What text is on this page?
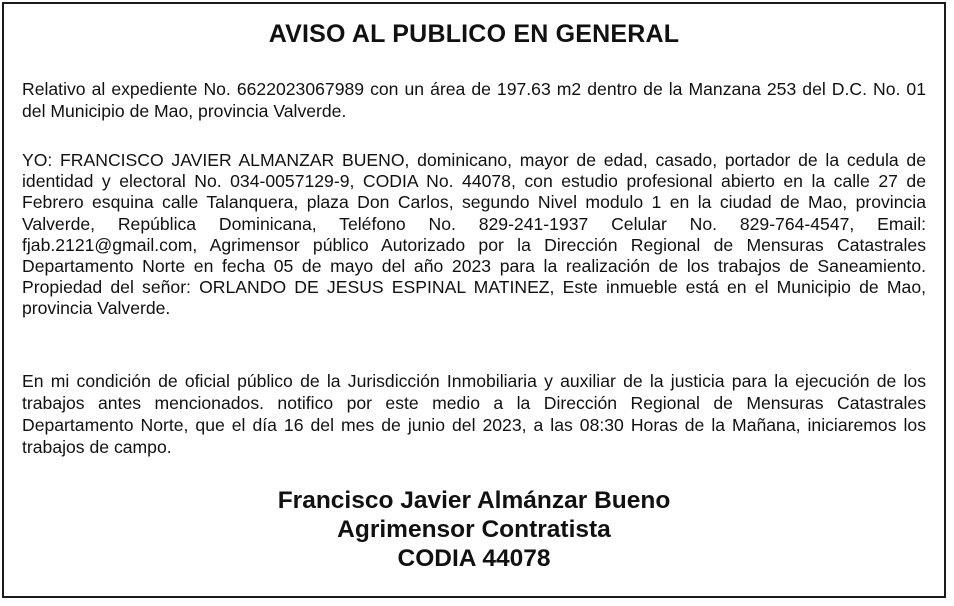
AVISO AL PUBLICO EN GENERAL

Relativo al expediente No. 6622023067989 con un área de 197.63 m2 dentro de la Manzana 253 del D.C. No. 01 del Municipio de Mao, provincia Valverde.

YO: FRANCISCO JAVIER ALMANZAR BUENO, dominicano, mayor de edad, casado, portador de la cedula de identidad y electoral No. 034-0057129-9, CODIA No. 44078, con estudio profesional abierto en la calle 27 de Febrero esquina calle Talanquera, plaza Don Carlos, segundo Nivel modulo 1 en la ciudad de Mao, provincia Valverde, República Dominicana, Teléfono No. 829-241-1937 Celular No. 829-764-4547, Email: fjab.2121@gmail.com, Agrimensor público Autorizado por la Dirección Regional de Mensuras Catastrales Departamento Norte en fecha 05 de mayo del año 2023 para la realización de los trabajos de Saneamiento. Propiedad del señor: ORLANDO DE JESUS ESPINAL MATINEZ, Este inmueble está en el Municipio de Mao, provincia Valverde.

En mi condición de oficial público de la Jurisdicción Inmobiliaria y auxiliar de la justicia para la ejecución de los trabajos antes mencionados. notifico por este medio a la Dirección Regional de Mensuras Catastrales Departamento Norte, que el día 16 del mes de junio del 2023, a las 08:30 Horas de la Mañana, iniciaremos los trabajos de campo.

Francisco Javier Almánzar Bueno
Agrimensor Contratista
CODIA 44078
